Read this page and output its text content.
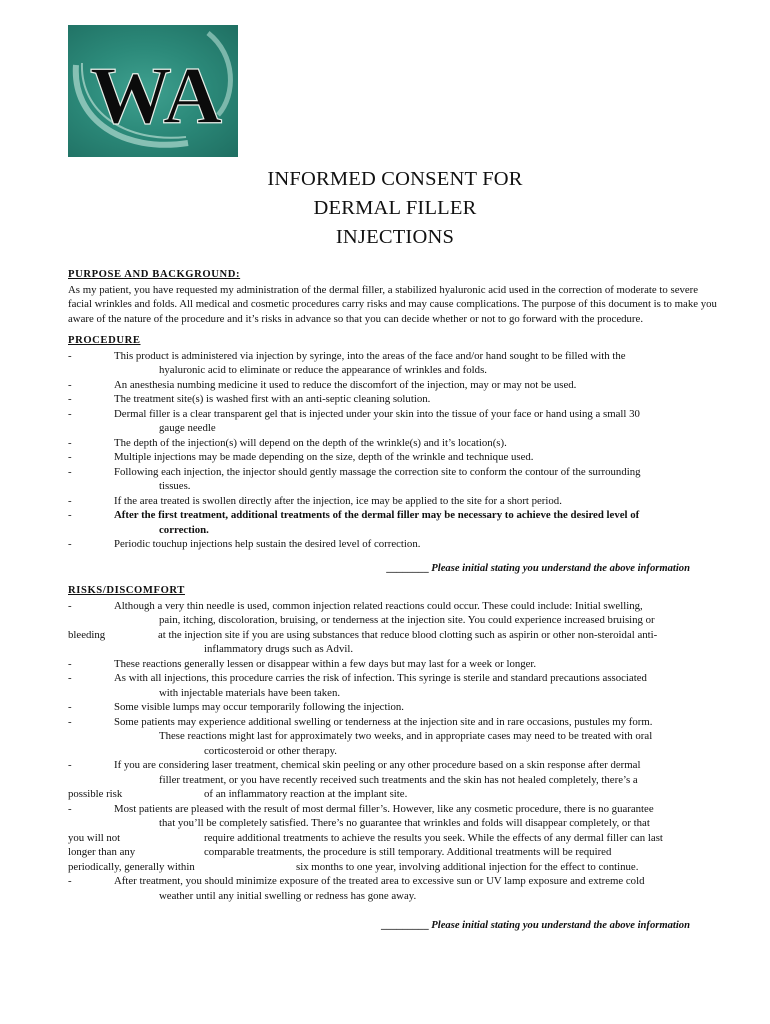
WA
INFORMED CONSENT FOR
DERMAL FILLER
INJECTIONS
PURPOSE AND BACKGROUND:

As my patient, you have requested my administration of the dermal filler, a stabilized hyaluronic acid used in the correction of moderate to severe facial wrinkles and folds. All medical and cosmetic procedures carry risks and may cause complications. The purpose of this document is to make you aware of the nature of the procedure and it’s risks in advance so that you can decide whether or not to go forward with the procedure.

PROCEDURE
-	This product is administered via injection by syringe, into the areas of the face and/or hand sought to be filled with the
hyaluronic acid to eliminate or reduce the appearance of wrinkles and folds.
-	An anesthesia numbing medicine it used to reduce the discomfort of the injection, may or may not be used.
-	The treatment site(s) is washed first with an anti-septic cleaning solution.
-	Dermal filler is a clear transparent gel that is injected under your skin into the tissue of your face or hand using a small 30
gauge needle
-	The depth of the injection(s) will depend on the depth of the wrinkle(s) and it’s location(s).
-	Multiple injections may be made depending on the size, depth of the wrinkle and technique used.
-	Following each injection, the injector should gently massage the correction site to conform the contour of the surrounding
tissues.
-	If the area treated is swollen directly after the injection, ice may be applied to the site for a short period.
-	After the first treatment, additional treatments of the dermal filler may be necessary to achieve the desired level of
correction.
-	Periodic touchup injections help sustain the desired level of correction.
________ Please initial stating you understand the above information
RISKS/DISCOMFORT
-	Although a very thin needle is used, common injection related reactions could occur. These could include: Initial swelling,
pain, itching, discoloration, bruising, or tenderness at the injection site. You could experience increased bruising or
bleeding	at the injection site if you are using substances that reduce blood clotting such as aspirin or other non-steroidal anti-
inflammatory drugs such as Advil.
-	These reactions generally lessen or disappear within a few days but may last for a week or longer.
-	As with all injections, this procedure carries the risk of infection. This syringe is sterile and standard precautions associated
with injectable materials have been taken.
-	Some visible lumps may occur temporarily following the injection.
-	Some patients may experience additional swelling or tenderness at the injection site and in rare occasions, pustules my form.
These reactions might last for approximately two weeks, and in appropriate cases may need to be treated with oral
corticosteroid or other therapy.
-	If you are considering laser treatment, chemical skin peeling or any other procedure based on a skin response after dermal
filler treatment, or you have recently received such treatments and the skin has not healed completely, there’s a
possible risk	of an inflammatory reaction at the implant site.
-	Most patients are pleased with the result of most dermal filler’s. However, like any cosmetic procedure, there is no guarantee
that you’ll be completely satisfied. There’s no guarantee that wrinkles and folds will disappear completely, or that
you will not	require additional treatments to achieve the results you seek. While the effects of any dermal filler can last
longer than any	comparable treatments, the procedure is still temporary. Additional treatments will be required
periodically, generally within	six months to one year, involving additional injection for the effect to continue.
-	After treatment, you should minimize exposure of the treated area to excessive sun or UV lamp exposure and extreme cold
weather until any initial swelling or redness has gone away.
_________ Please initial stating you understand the above information
